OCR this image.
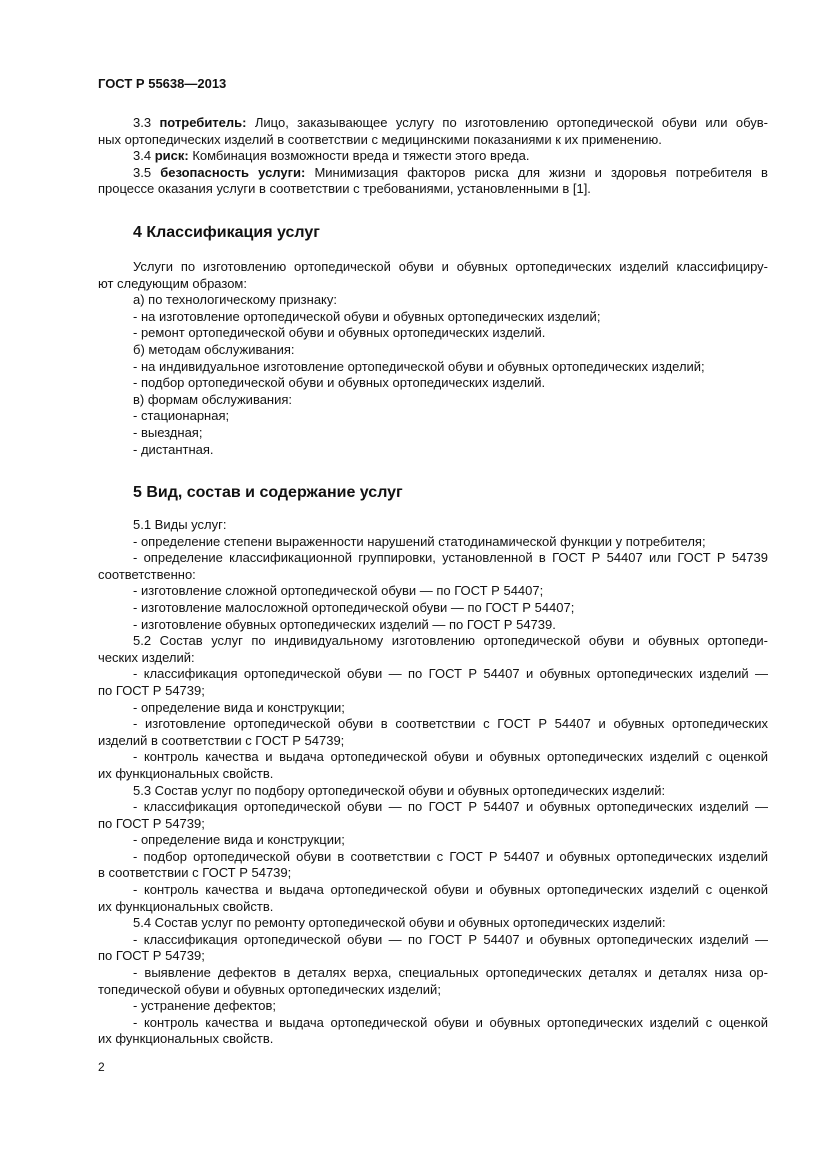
ГОСТ Р 55638—2013

3.3 потребитель: Лицо, заказывающее услугу по изготовлению ортопедической обуви или обув-

ных ортопедических изделий в соответствии с медицинскими показаниями к их применению.

3.4 риск: Комбинация возможности вреда и тяжести этого вреда.

3.5 безопасность услуги: Минимизация факторов риска для жизни и здоровья потребителя в

процессе оказания услуги в соответствии с требованиями, установленными в [1].

4 Классификация услуг

Услуги по изготовлению ортопедической обуви и обувных ортопедических изделий классифициру-

ют следующим образом:

а) по технологическому признаку:

- на изготовление ортопедической обуви и обувных ортопедических изделий;

- ремонт ортопедической обуви и обувных ортопедических изделий.

б) методам обслуживания:

- на индивидуальное изготовление ортопедической обуви и обувных ортопедических изделий;

- подбор ортопедической обуви и обувных ортопедических изделий.

в) формам обслуживания:

- стационарная;

- выездная;

- дистантная.

5 Вид, состав и содержание услуг

5.1 Виды услуг:

- определение степени выраженности нарушений статодинамической функции у потребителя;

- определение классификационной группировки, установленной в ГОСТ Р 54407 или ГОСТ Р 54739

соответственно:

- изготовление сложной ортопедической обуви — по ГОСТ Р 54407;

- изготовление малосложной ортопедической обуви — по ГОСТ Р 54407;

- изготовление обувных ортопедических изделий — по ГОСТ Р 54739.

5.2 Состав услуг по индивидуальному изготовлению ортопедической обуви и обувных ортопеди-

ческих изделий:

- классификация ортопедической обуви — по ГОСТ Р 54407 и обувных ортопедических изделий —

по ГОСТ Р 54739;

- определение вида и конструкции;

- изготовление ортопедической обуви в соответствии с ГОСТ Р 54407 и обувных ортопедических

изделий в соответствии с ГОСТ Р 54739;

- контроль качества и выдача ортопедической обуви и обувных ортопедических изделий с оценкой

их функциональных свойств.

5.3 Состав услуг по подбору ортопедической обуви и обувных ортопедических изделий:

- классификация ортопедической обуви — по ГОСТ Р 54407 и обувных ортопедических изделий —

по ГОСТ Р 54739;

- определение вида и конструкции;

- подбор ортопедической обуви в соответствии с ГОСТ Р 54407 и обувных ортопедических изделий

в соответствии с ГОСТ Р 54739;

- контроль качества и выдача ортопедической обуви и обувных ортопедических изделий с оценкой

их функциональных свойств.

5.4 Состав услуг по ремонту ортопедической обуви и обувных ортопедических изделий:

- классификация ортопедической обуви — по ГОСТ Р 54407 и обувных ортопедических изделий —

по ГОСТ Р 54739;

- выявление дефектов в деталях верха, специальных ортопедических деталях и деталях низа ор-

топедической обуви и обувных ортопедических изделий;

- устранение дефектов;

- контроль качества и выдача ортопедической обуви и обувных ортопедических изделий с оценкой

их функциональных свойств.

2
